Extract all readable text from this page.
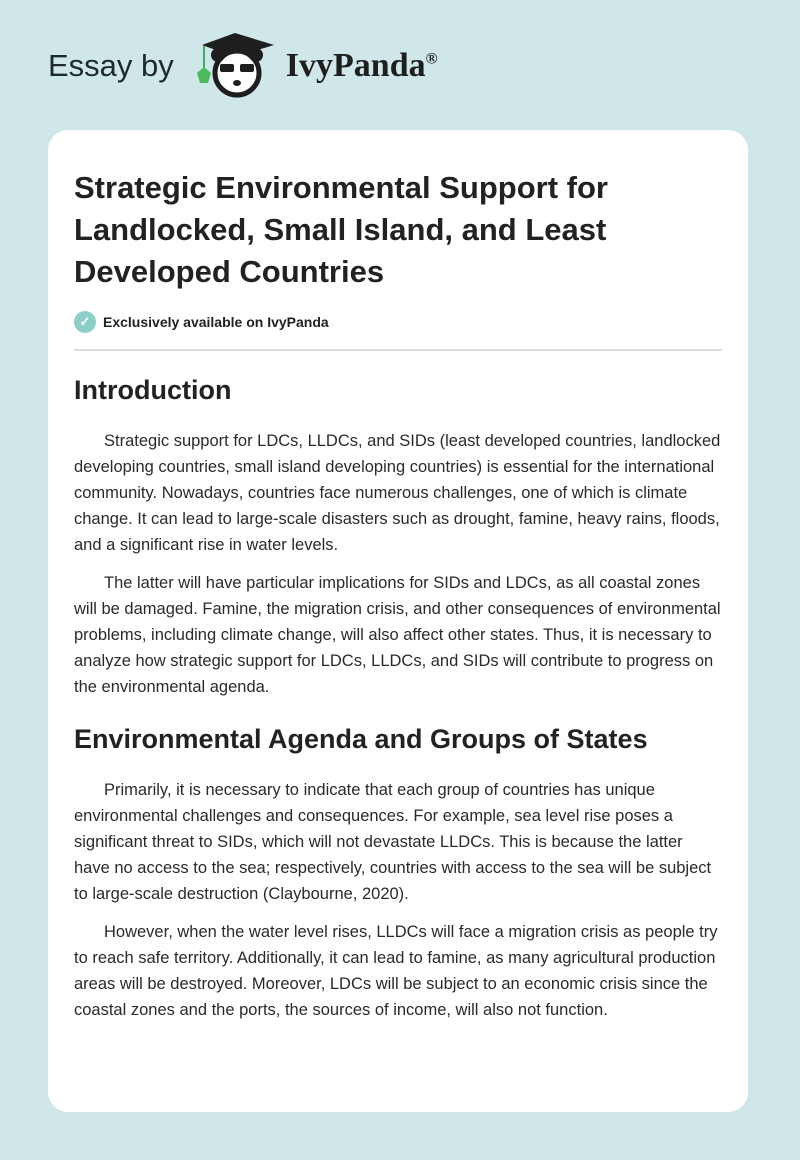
Essay by	IvyPanda®
Strategic Environmental Support for Landlocked, Small Island, and Least Developed Countries
✓ Exclusively available on IvyPanda
Introduction

Strategic support for LDCs, LLDCs, and SIDs (least developed countries, landlocked developing countries, small island developing countries) is essential for the international community. Nowadays, countries face numerous challenges, one of which is climate change. It can lead to large-scale disasters such as drought, famine, heavy rains, floods, and a significant rise in water levels.

The latter will have particular implications for SIDs and LDCs, as all coastal zones will be damaged. Famine, the migration crisis, and other consequences of environmental problems, including climate change, will also affect other states. Thus, it is necessary to analyze how strategic support for LDCs, LLDCs, and SIDs will contribute to progress on the environmental agenda.

Environmental Agenda and Groups of States

Primarily, it is necessary to indicate that each group of countries has unique environmental challenges and consequences. For example, sea level rise poses a significant threat to SIDs, which will not devastate LLDCs. This is because the latter have no access to the sea; respectively, countries with access to the sea will be subject to large-scale destruction (Claybourne, 2020).

However, when the water level rises, LLDCs will face a migration crisis as people try to reach safe territory. Additionally, it can lead to famine, as many agricultural production areas will be destroyed. Moreover, LDCs will be subject to an economic crisis since the coastal zones and the ports, the sources of income, will also not function.
